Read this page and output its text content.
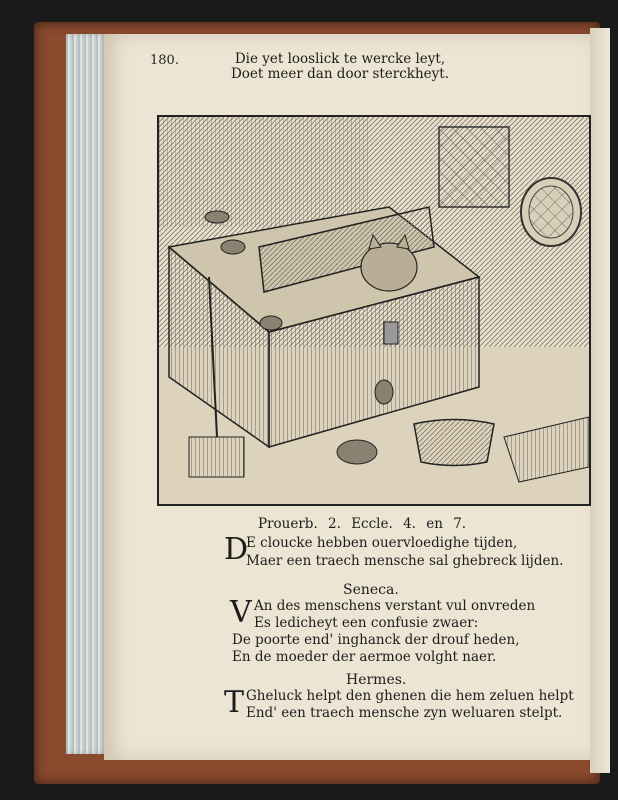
180.	Die yet looslick te wercke leyt,
Doet meer dan door sterckheyt.
Prouerb. 2. Eccle. 4. en 7.
D
E cloucke hebben ouervloedighe tijden,
Maer een traech mensche sal ghebreck lijden.
Seneca.
V An des menschens verstant vul onvreden
Es ledicheyt een confusie zwaer:
De poorte end' inghanck der drouf heden,
En de moeder der aermoe volght naer.
Hermes.
T Gheluck helpt den ghenen die hem zeluen helpt
End' een traech mensche zyn weluaren stelpt.
